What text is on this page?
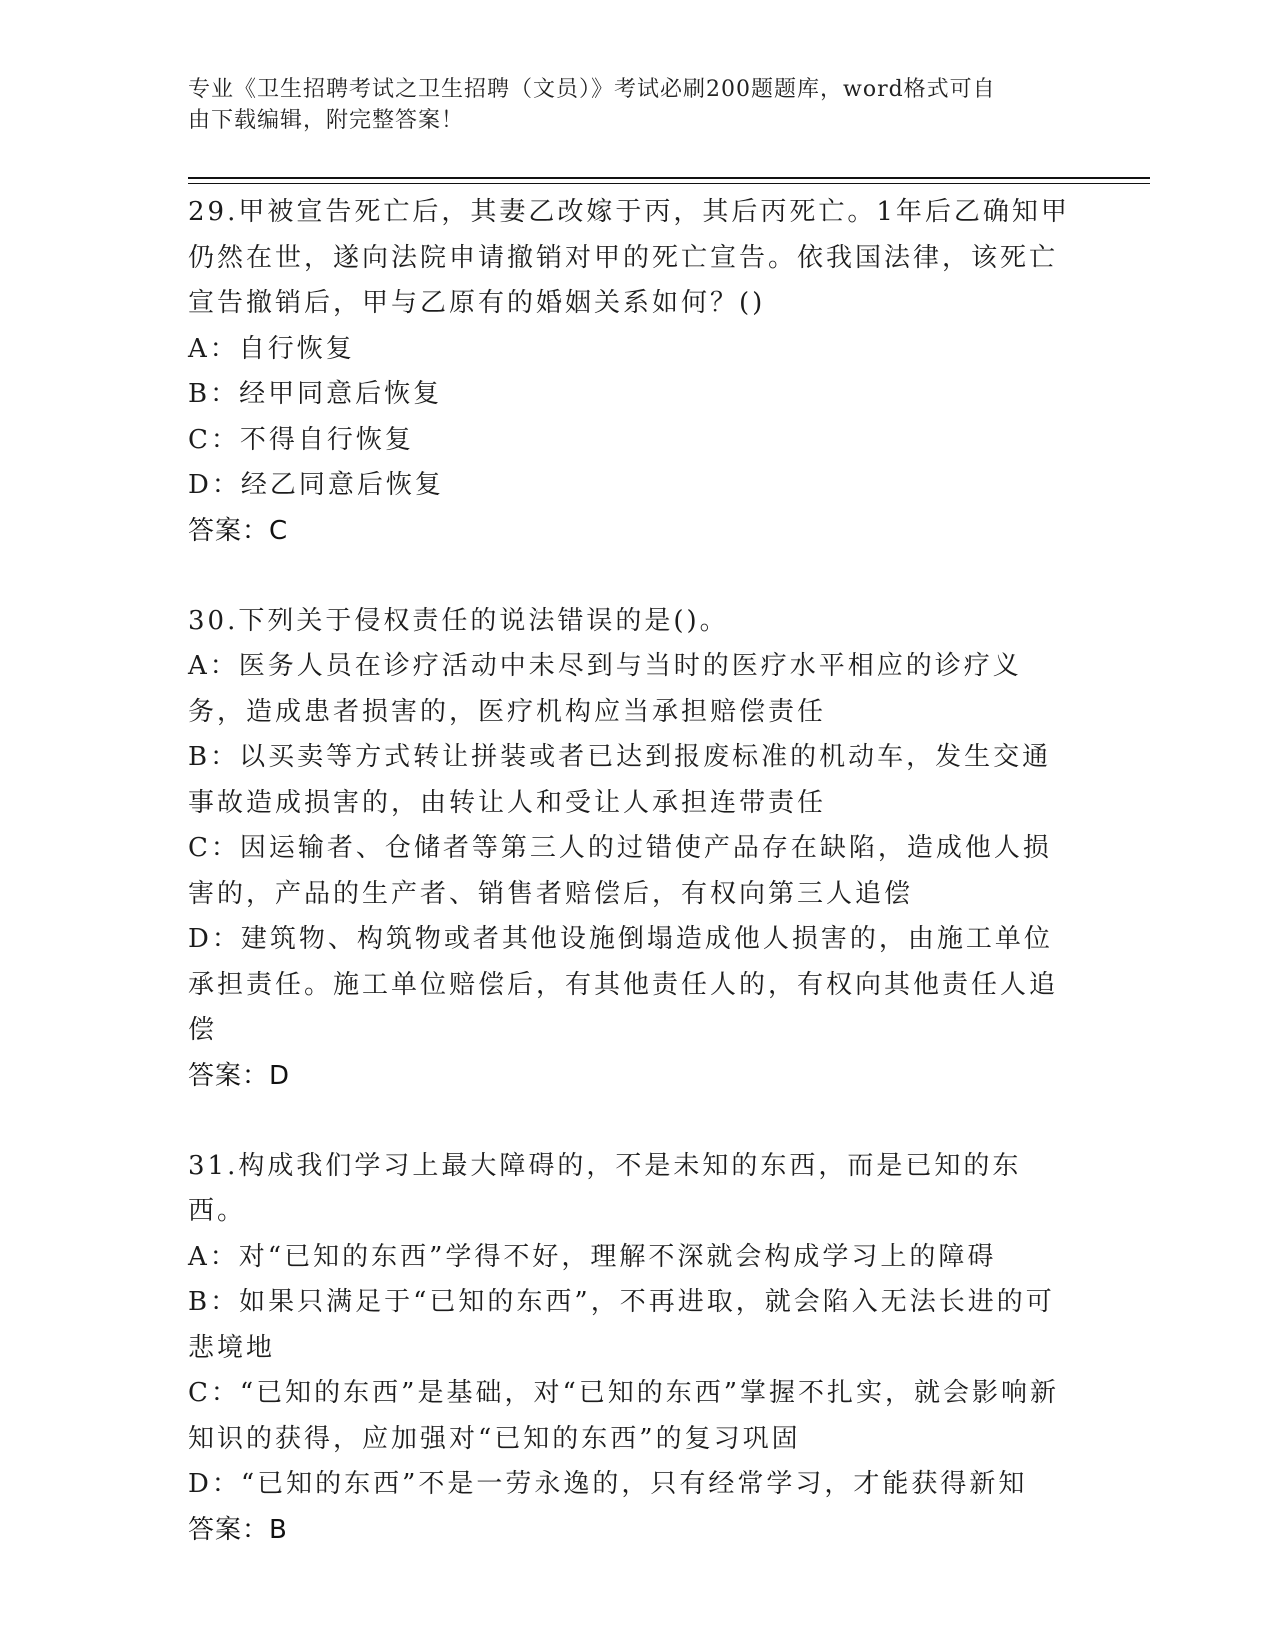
专业《卫生招聘考试之卫生招聘（文员）》考试必刷200题题库，word格式可自
由下载编辑，附完整答案！
29.甲被宣告死亡后，其妻乙改嫁于丙，其后丙死亡。1年后乙确知甲仍然在世，遂向法院申请撤销对甲的死亡宣告。依我国法律，该死亡宣告撤销后，甲与乙原有的婚姻关系如何？()
A：自行恢复
B：经甲同意后恢复
C：不得自行恢复
D：经乙同意后恢复
答案：C
30.下列关于侵权责任的说法错误的是()。
A：医务人员在诊疗活动中未尽到与当时的医疗水平相应的诊疗义务，造成患者损害的，医疗机构应当承担赔偿责任
B：以买卖等方式转让拼装或者已达到报废标准的机动车，发生交通事故造成损害的，由转让人和受让人承担连带责任
C：因运输者、仓储者等第三人的过错使产品存在缺陷，造成他人损害的，产品的生产者、销售者赔偿后，有权向第三人追偿
D：建筑物、构筑物或者其他设施倒塌造成他人损害的，由施工单位承担责任。施工单位赔偿后，有其他责任人的，有权向其他责任人追偿
答案：D
31.构成我们学习上最大障碍的，不是未知的东西，而是已知的东西。
A：对“已知的东西”学得不好，理解不深就会构成学习上的障碍
B：如果只满足于“已知的东西”，不再进取，就会陷入无法长进的可悲境地
C：“已知的东西”是基础，对“已知的东西”掌握不扎实，就会影响新知识的获得，应加强对“已知的东西”的复习巩固
D：“已知的东西”不是一劳永逸的，只有经常学习，才能获得新知
答案：B
